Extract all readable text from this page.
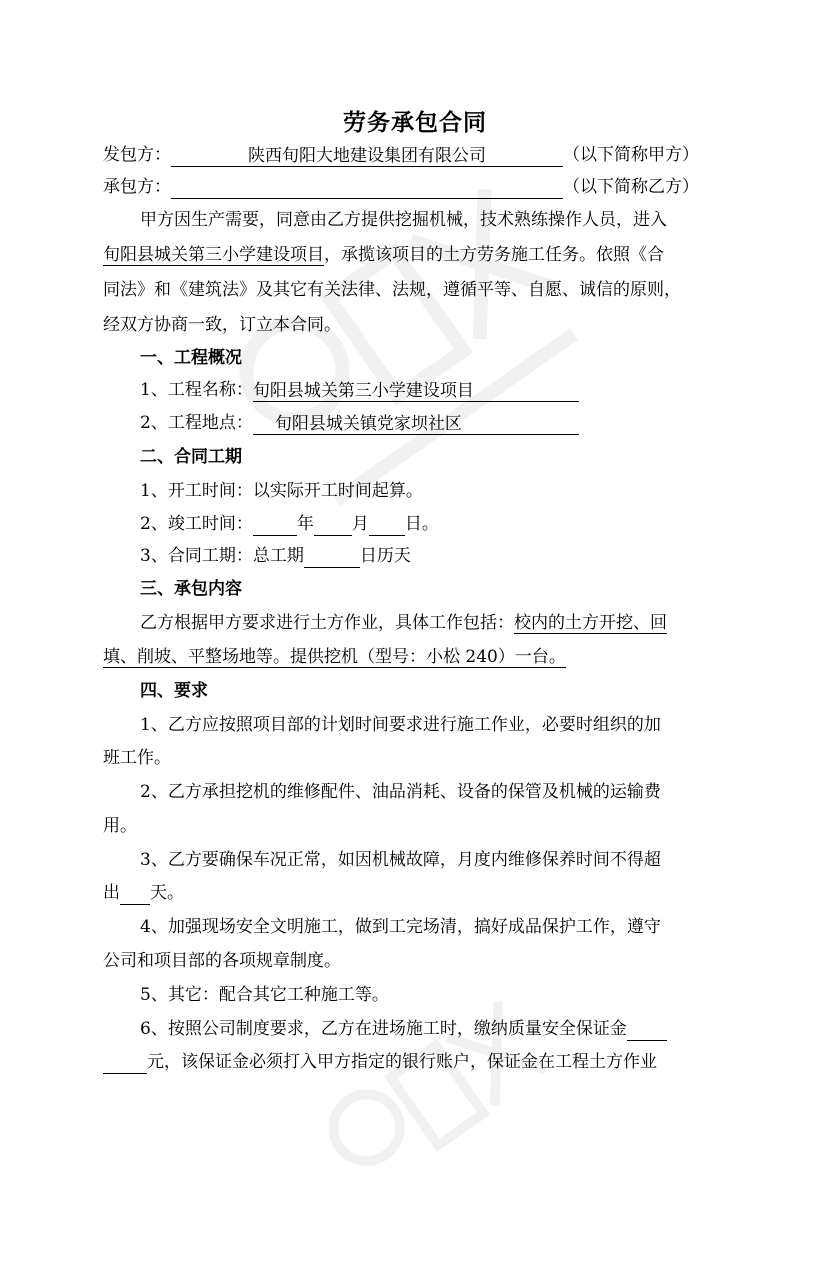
劳务承包合同
发包方：	陕西旬阳大地建设集团有限公司	（以下简称甲方）
承包方：	（以下简称乙方）
甲方因生产需要，同意由乙方提供挖掘机械，技术熟练操作人员，进入
旬阳县城关第三小学建设项目，承揽该项目的土方劳务施工任务。依照《合
同法》和《建筑法》及其它有关法律、法规，遵循平等、自愿、诚信的原则，
经双方协商一致，订立本合同。
一、工程概况
1、工程名称：旬阳县城关第三小学建设项目
2、工程地点： 旬阳县城关镇党家坝社区
二、合同工期
1、开工时间：以实际开工时间起算。
2、竣工时间：	年 月 日。
3、合同工期：总工期	日历天
三、承包内容
乙方根据甲方要求进行土方作业，具体工作包括：校内的土方开挖、回
填、削坡、平整场地等。提供挖机（型号：小松 240）一台。
四、要求
1、乙方应按照项目部的计划时间要求进行施工作业，必要时组织的加
班工作。
2、乙方承担挖机的维修配件、油品消耗、设备的保管及机械的运输费
用。
3、乙方要确保车况正常，如因机械故障，月度内维修保养时间不得超
出 天。
4、加强现场安全文明施工，做到工完场清，搞好成品保护工作，遵守
公司和项目部的各项规章制度。
5、其它：配合其它工种施工等。
6、按照公司制度要求，乙方在进场施工时，缴纳质量安全保证金
元，该保证金必须打入甲方指定的银行账户，保证金在工程土方作业
